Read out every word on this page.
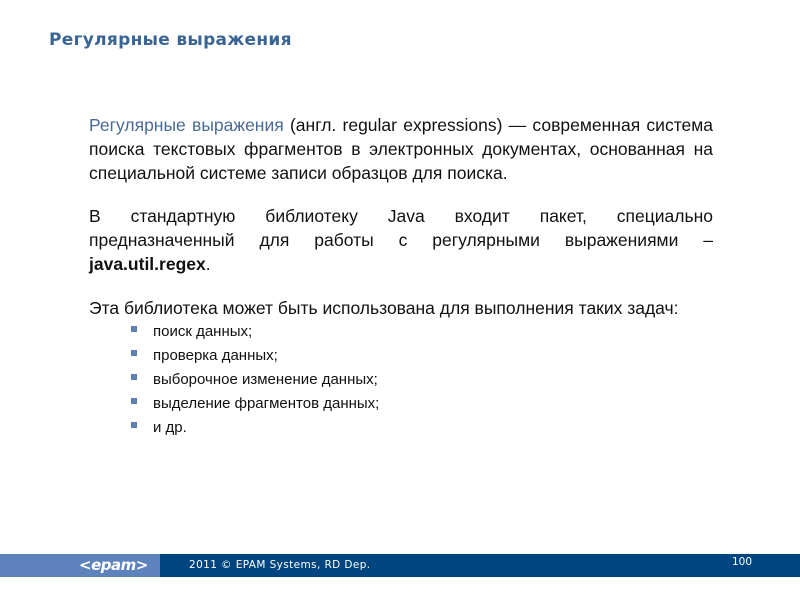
Регулярные выражения

Регулярные выражения (англ. regular expressions) — современная система поиска текстовых фрагментов в электронных документах, основанная на специальной системе записи образцов для поиска.

В стандартную библиотеку Java входит пакет, специально предназначенный для работы с регулярными выражениями – java.util.regex.

Эта библиотека может быть использована для выполнения таких задач:

поиск данных;
проверка данных;
выборочное изменение данных;
выделение фрагментов данных;
и др.
<epam>	2011 © EPAM Systems, RD Dep.	100
